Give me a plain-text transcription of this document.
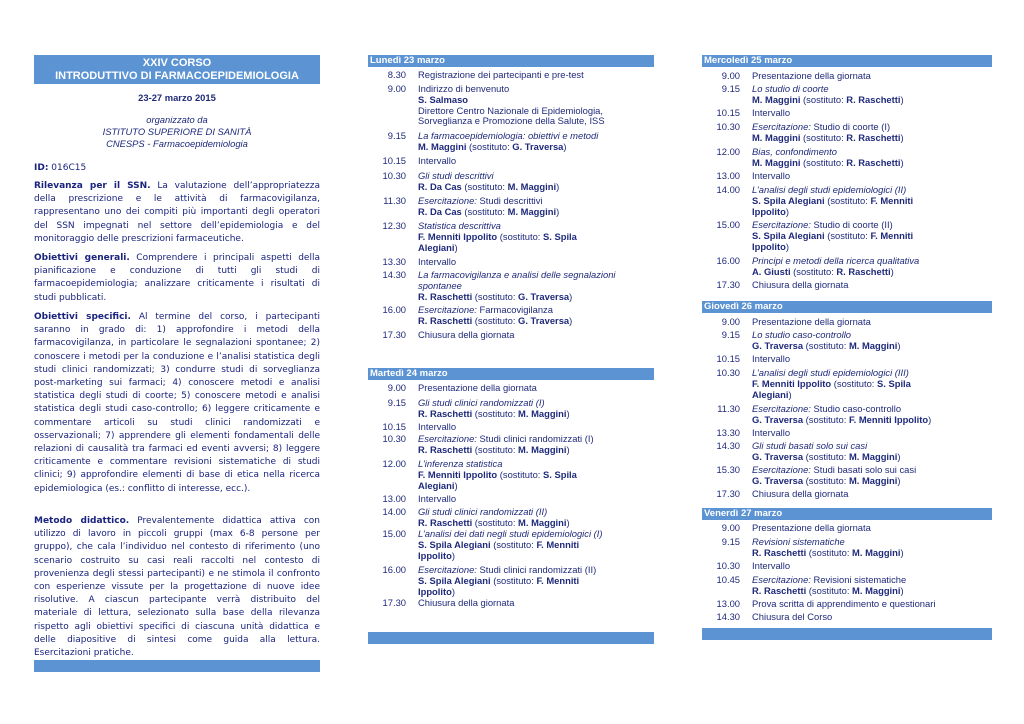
XXIV CORSO
INTRODUTTIVO DI FARMACOEPIDEMIOLOGIA
23-27 marzo 2015
organizzato da
ISTITUTO SUPERIORE DI SANITÀ
CNESPS - Farmacoepidemiologia
ID: 016C15

Rilevanza per il SSN. La valutazione dell’appropriatezza della prescrizione e le attività di farmacovigilanza, rappresentano uno dei compiti più importanti degli operatori del SSN impegnati nel settore dell’epidemiologia e del monitoraggio delle prescrizioni farmaceutiche.

Obiettivi generali. Comprendere i principali aspetti della pianificazione e conduzione di tutti gli studi di farmacoepidemiologia; analizzare criticamente i risultati di studi pubblicati.

Obiettivi specifici. Al termine del corso, i partecipanti saranno in grado di: 1) approfondire i metodi della farmacovigilanza, in particolare le segnalazioni spontanee; 2) conoscere i metodi per la conduzione e l’analisi statistica degli studi clinici randomizzati; 3) condurre studi di sorveglianza post-marketing sui farmaci; 4) conoscere metodi e analisi statistica degli studi di coorte; 5) conoscere metodi e analisi statistica degli studi caso-controllo; 6) leggere criticamente e commentare articoli su studi clinici randomizzati e osservazionali; 7) apprendere gli elementi fondamentali delle relazioni di causalità tra farmaci ed eventi avversi; 8) leggere criticamente e commentare revisioni sistematiche di studi clinici; 9) approfondire elementi di base di etica nella ricerca epidemiologica (es.: conflitto di interesse, ecc.).

Metodo didattico. Prevalentemente didattica attiva con utilizzo di lavoro in piccoli gruppi (max 6-8 persone per gruppo), che cala l’individuo nel contesto di riferimento (uno scenario costruito su casi reali raccolti nel contesto di provenienza degli stessi partecipanti) e ne stimola il confronto con esperienze vissute per la progettazione di nuove idee risolutive. A ciascun partecipante verrà distribuito del materiale di lettura, selezionato sulla base della rilevanza rispetto agli obiettivi specifici di ciascuna unità didattica e delle diapositive di sintesi come guida alla lettura. Esercitazioni pratiche.

Lunedì 23 marzo
8.30 Registrazione dei partecipanti e pre-test
9.00 Indirizzo di benvenuto
S. Salmaso
Direttore Centro Nazionale di Epidemiologia,
Sorveglianza e Promozione della Salute, ISS
9.15 La farmacoepidemiologia: obiettivi e metodi
M. Maggini (sostituto: G. Traversa)
10.15 Intervallo
10.30 Gli studi descrittivi
R. Da Cas (sostituto: M. Maggini)
11.30 Esercitazione: Studi descrittivi
R. Da Cas (sostituto: M. Maggini)
12.30 Statistica descrittiva
F. Menniti Ippolito (sostituto: S. Spila
Alegiani)
13.30 Intervallo
14.30 La farmacovigilanza e analisi delle segnalazioni
spontanee
R. Raschetti (sostituto: G. Traversa)
16.00 Esercitazione: Farmacovigilanza
R. Raschetti (sostituto: G. Traversa)
17.30 Chiusura della giornata
Martedì 24 marzo
9.00 Presentazione della giornata
9.15 Gli studi clinici randomizzati (I)
R. Raschetti (sostituto: M. Maggini)
10.15 Intervallo
10.30 Esercitazione: Studi clinici randomizzati (I)
R. Raschetti (sostituto: M. Maggini)
12.00 L’inferenza statistica
F. Menniti Ippolito (sostituto: S. Spila
Alegiani)
13.00 Intervallo
14.00 Gli studi clinici randomizzati (II)
R. Raschetti (sostituto: M. Maggini)
15.00 L’analisi dei dati negli studi epidemiologici (I)
S. Spila Alegiani (sostituto: F. Menniti
Ippolito)
16.00 Esercitazione: Studi clinici randomizzati (II)
S. Spila Alegiani (sostituto: F. Menniti
Ippolito)
17.30 Chiusura della giornata
Mercoledì 25 marzo
9.00 Presentazione della giornata
9.15 Lo studio di coorte
M. Maggini (sostituto: R. Raschetti)
10.15 Intervallo
10.30 Esercitazione: Studio di coorte (I)
M. Maggini (sostituto: R. Raschetti)
12.00 Bias, confondimento
M. Maggini (sostituto: R. Raschetti)
13.00 Intervallo
14.00 L’analisi degli studi epidemiologici (II)
S. Spila Alegiani (sostituto: F. Menniti
Ippolito)
15.00 Esercitazione: Studio di coorte (II)
S. Spila Alegiani (sostituto: F. Menniti
Ippolito)
16.00 Principi e metodi della ricerca qualitativa
A. Giusti (sostituto: R. Raschetti)
17.30 Chiusura della giornata
Giovedì 26 marzo
9.00 Presentazione della giornata
9.15 Lo studio caso-controllo
G. Traversa (sostituto: M. Maggini)
10.15 Intervallo
10.30 L’analisi degli studi epidemiologici (III)
F. Menniti Ippolito (sostituto: S. Spila
Alegiani)
11.30 Esercitazione: Studio caso-controllo
G. Traversa (sostituto: F. Menniti Ippolito)
13.30 Intervallo
14.30 Gli studi basati solo sui casi
G. Traversa (sostituto: M. Maggini)
15.30 Esercitazione: Studi basati solo sui casi
G. Traversa (sostituto: M. Maggini)
17.30 Chiusura della giornata
Venerdì 27 marzo
9.00 Presentazione della giornata
9.15 Revisioni sistematiche
R. Raschetti (sostituto: M. Maggini)
10.30 Intervallo
10.45 Esercitazione: Revisioni sistematiche
R. Raschetti (sostituto: M. Maggini)
13.00 Prova scritta di apprendimento e questionari
14.30 Chiusura del Corso
